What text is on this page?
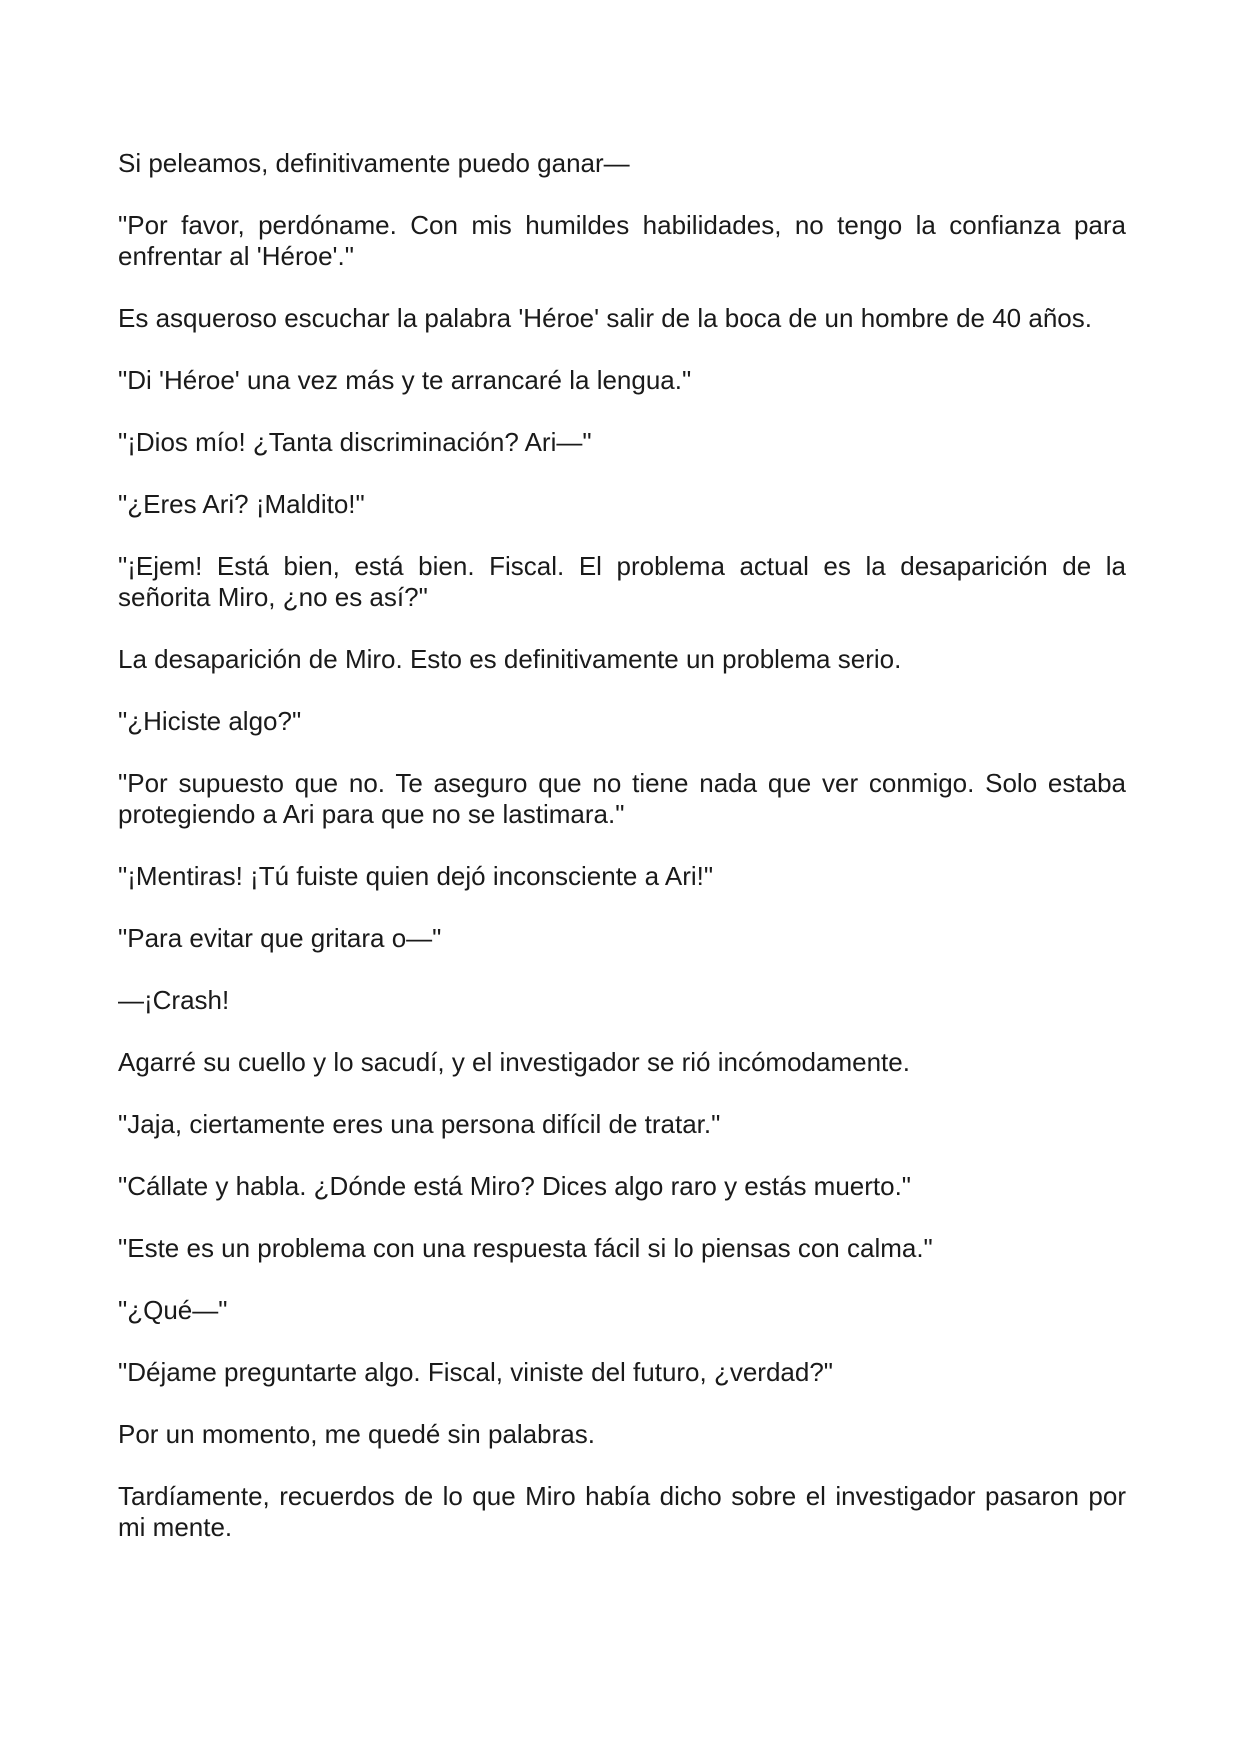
Si peleamos, definitivamente puedo ganar—

"Por favor, perdóname. Con mis humildes habilidades, no tengo la confianza para enfrentar al 'Héroe'."

Es asqueroso escuchar la palabra 'Héroe' salir de la boca de un hombre de 40 años.

"Di 'Héroe' una vez más y te arrancaré la lengua."

"¡Dios mío! ¿Tanta discriminación? Ari—"

"¿Eres Ari? ¡Maldito!"

"¡Ejem! Está bien, está bien. Fiscal. El problema actual es la desaparición de la señorita Miro, ¿no es así?"

La desaparición de Miro. Esto es definitivamente un problema serio.

"¿Hiciste algo?"

"Por supuesto que no. Te aseguro que no tiene nada que ver conmigo. Solo estaba protegiendo a Ari para que no se lastimara."

"¡Mentiras! ¡Tú fuiste quien dejó inconsciente a Ari!"

"Para evitar que gritara o—"

—¡Crash!

Agarré su cuello y lo sacudí, y el investigador se rió incómodamente.

"Jaja, ciertamente eres una persona difícil de tratar."

"Cállate y habla. ¿Dónde está Miro? Dices algo raro y estás muerto."

"Este es un problema con una respuesta fácil si lo piensas con calma."

"¿Qué—"

"Déjame preguntarte algo. Fiscal, viniste del futuro, ¿verdad?"

Por un momento, me quedé sin palabras.

Tardíamente, recuerdos de lo que Miro había dicho sobre el investigador pasaron por mi mente.
